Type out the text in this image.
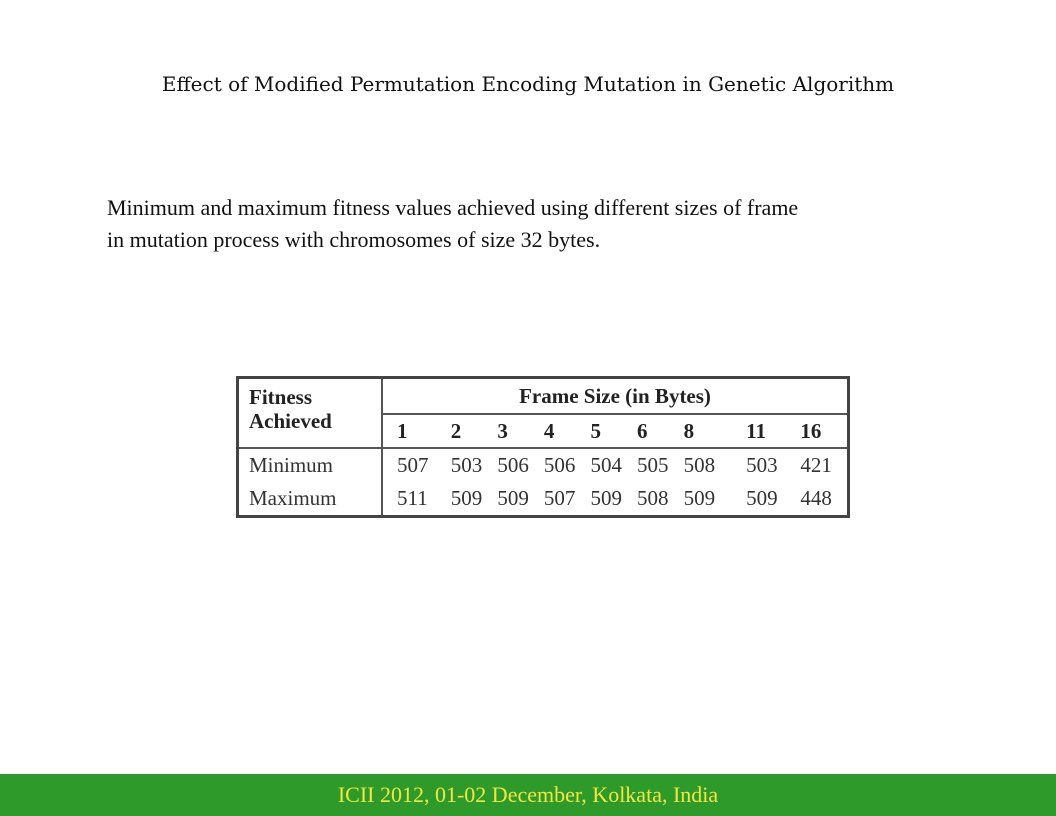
Effect of Modified Permutation Encoding Mutation in Genetic Algorithm
Minimum and maximum fitness values achieved using different sizes of frame
in mutation process with chromosomes of size 32 bytes.
Fitness
Achieved	Frame Size (in Bytes)								
	1	2	3	4	5	6	8	11	16
Minimum	507	503	506	506	504	505	508	503	421
Maximum	511	509	509	507	509	508	509	509	448
ICII 2012, 01-02 December, Kolkata, India
